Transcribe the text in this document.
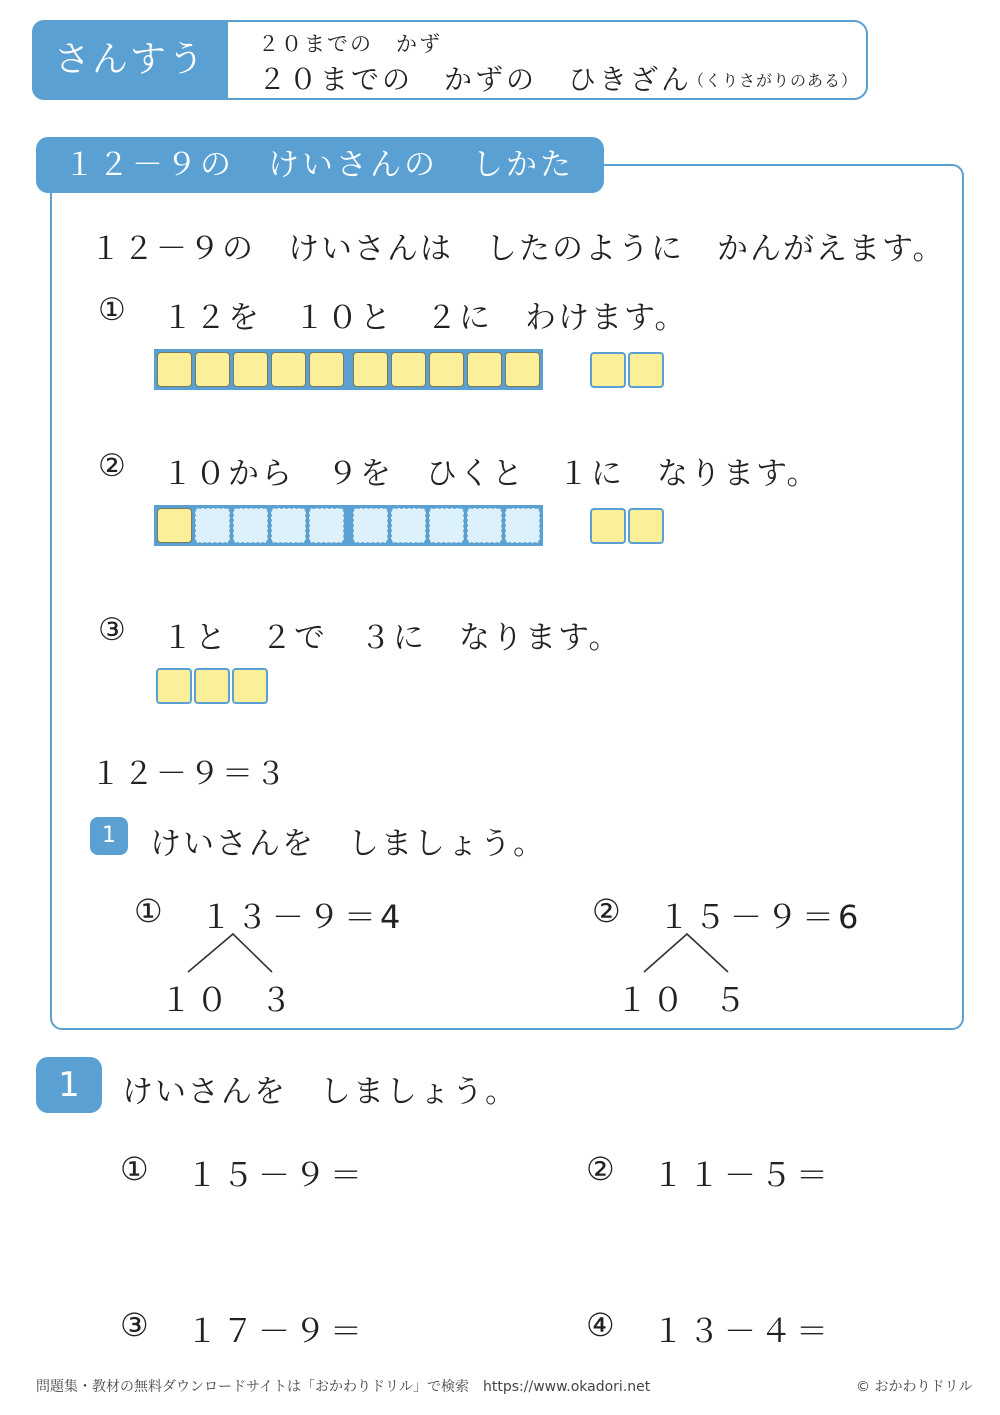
さんすう	２０までの　かず
２０までの　かずの　ひきざん
（くりさがりのある）
１２－９の　けいさんの　しかた
１２－９の　けいさんは　したのように　かんがえます。
① １２を　１０と　２に　わけます。
② １０から　９を　ひくと　１に　なります。
③ １と　２で　３に　なります。
１２－９＝３
1	けいさんを　しましょう。
① １３－９＝4
１０ ３
② １５－９＝6
１０ ５
1	けいさんを　しましょう。
① １５－９＝	② １１－５＝
③ １７－９＝	④ １３－４＝
問題集・教材の無料ダウンロードサイトは「おかわりドリル」で検索　https://www.okadori.net	© おかわりドリル
